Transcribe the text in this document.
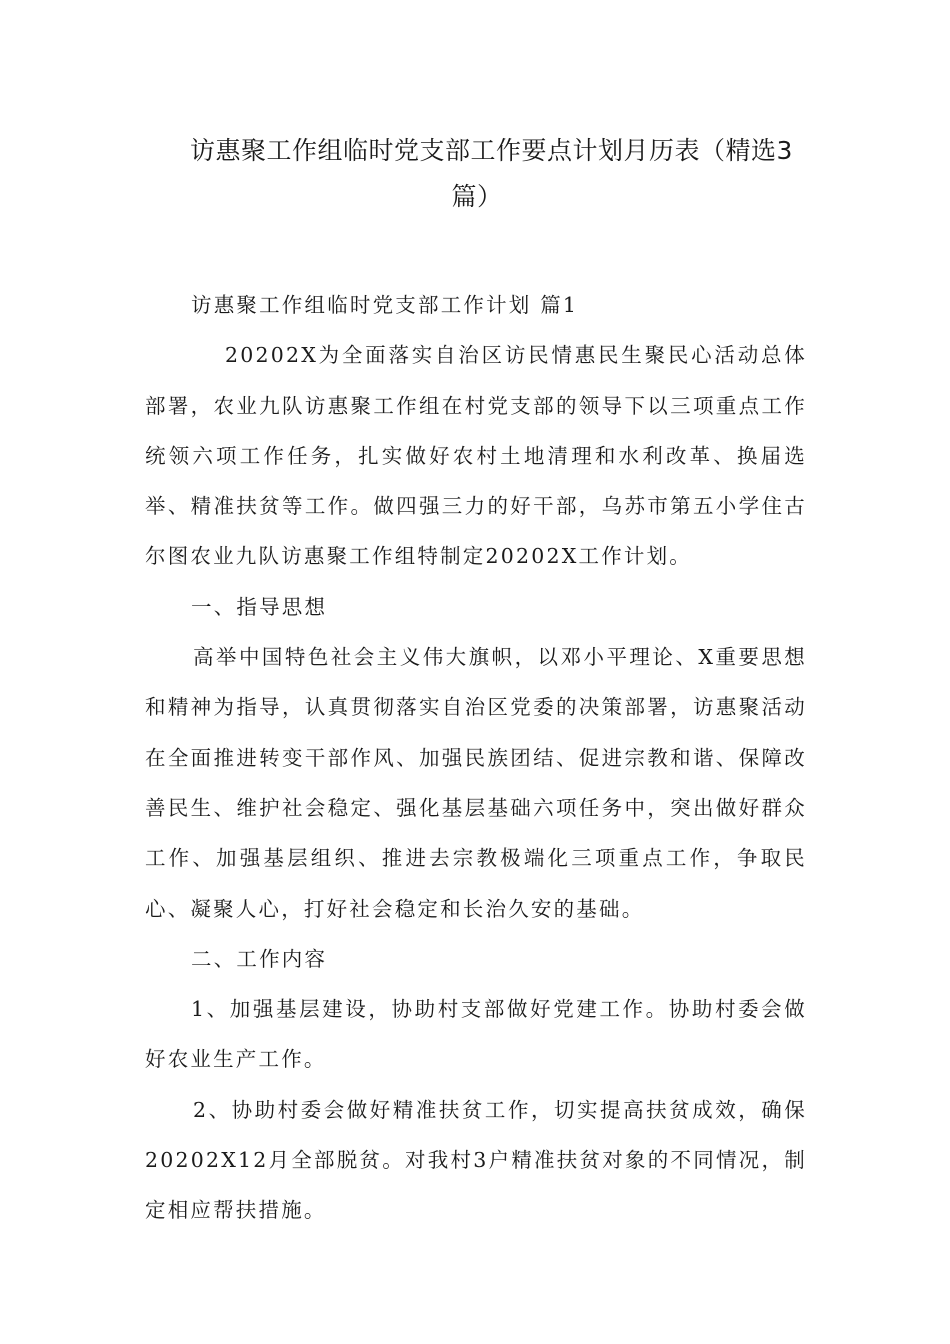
访惠聚工作组临时党支部工作要点计划月历表（精选3
篇）

访惠聚工作组临时党支部工作计划 篇1

20202X为全面落实自治区访民情惠民生聚民心活动总体部署，农业九队访惠聚工作组在村党支部的领导下以三项重点工作统领六项工作任务，扎实做好农村土地清理和水利改革、换届选举、精准扶贫等工作。做四强三力的好干部，乌苏市第五小学住古尔图农业九队访惠聚工作组特制定20202X工作计划。

一、指导思想

高举中国特色社会主义伟大旗帜，以邓小平理论、X重要思想和精神为指导，认真贯彻落实自治区党委的决策部署，访惠聚活动在全面推进转变干部作风、加强民族团结、促进宗教和谐、保障改善民生、维护社会稳定、强化基层基础六项任务中，突出做好群众工作、加强基层组织、推进去宗教极端化三项重点工作，争取民心、凝聚人心，打好社会稳定和长治久安的基础。

二、工作内容

1、加强基层建设，协助村支部做好党建工作。协助村委会做好农业生产工作。

2、协助村委会做好精准扶贫工作，切实提高扶贫成效，确保20202X12月全部脱贫。对我村3户精准扶贫对象的不同情况，制定相应帮扶措施。
